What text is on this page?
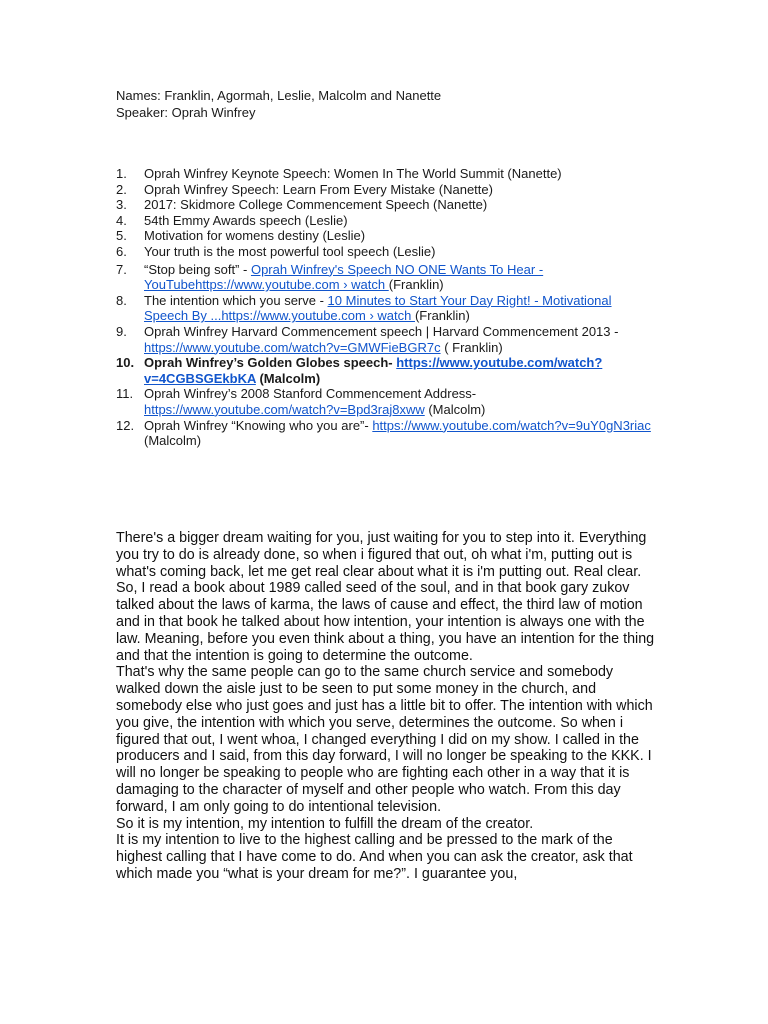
Names: Franklin, Agormah, Leslie, Malcolm and Nanette
Speaker: Oprah Winfrey
1. Oprah Winfrey Keynote Speech: Women In The World Summit (Nanette)
2. Oprah Winfrey Speech: Learn From Every Mistake (Nanette)
3. 2017: Skidmore College Commencement Speech (Nanette)
4. 54th Emmy Awards speech (Leslie)
5. Motivation for womens destiny (Leslie)
6. Your truth is the most powerful tool speech (Leslie)
7. “Stop being soft” - Oprah Winfrey's Speech NO ONE Wants To Hear - YouTubehttps://www.youtube.com › watch (Franklin)
8. The intention which you serve - 10 Minutes to Start Your Day Right! - Motivational Speech By ...https://www.youtube.com › watch (Franklin)
9. Oprah Winfrey Harvard Commencement speech | Harvard Commencement 2013 - https://www.youtube.com/watch?v=GMWFieBGR7c ( Franklin)
10. Oprah Winfrey’s Golden Globes speech- https://www.youtube.com/watch?v=4CGBSGEkbKA (Malcolm)
11. Oprah Winfrey’s 2008 Stanford Commencement Address- https://www.youtube.com/watch?v=Bpd3raj8xww (Malcolm)
12. Oprah Winfrey “Knowing who you are”- https://www.youtube.com/watch?v=9uY0gN3riac (Malcolm)

There's a bigger dream waiting for you, just waiting for you to step into it. Everything you try to do is already done, so when i figured that out, oh what i'm, putting out is what's coming back, let me get real clear about what it is i'm putting out. Real clear.

So, I read a book about 1989 called seed of the soul, and in that book gary zukov talked about the laws of karma, the laws of cause and effect, the third law of motion and in that book he talked about how intention, your intention is always one with the law. Meaning, before you even think about a thing, you have an intention for the thing and that the intention is going to determine the outcome.

That's why the same people can go to the same church service and somebody walked down the aisle just to be seen to put some money in the church, and somebody else who just goes and just has a little bit to offer. The intention with which you give, the intention with which you serve, determines the outcome. So when i figured that out, I went whoa, I changed everything I did on my show. I called in the producers and I said, from this day forward, I will no longer be speaking to the KKK. I will no longer be speaking to people who are fighting each other in a way that it is damaging to the character of myself and other people who watch. From this day forward, I am only going to do intentional television.

So it is my intention, my intention to fulfill the dream of the creator.

It is my intention to live to the highest calling and be pressed to the mark of the highest calling that I have come to do. And when you can ask the creator, ask that which made you “what is your dream for me?”. I guarantee you,
